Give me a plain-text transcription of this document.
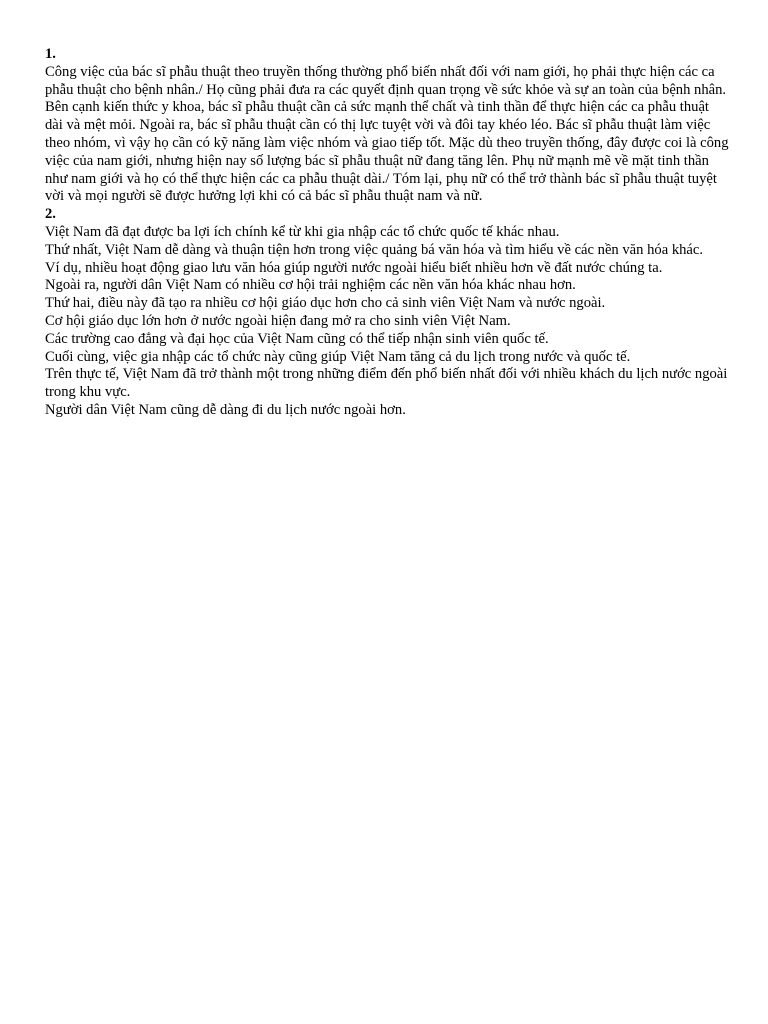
1.

Công việc của bác sĩ phẫu thuật theo truyền thống thường phổ biến nhất đối với nam giới, họ phải thực hiện các ca phẫu thuật cho bệnh nhân./ Họ cũng phải đưa ra các quyết định quan trọng về sức khỏe và sự an toàn của bệnh nhân. Bên cạnh kiến thức y khoa, bác sĩ phẫu thuật cần cả sức mạnh thể chất và tinh thần để thực hiện các ca phẫu thuật dài và mệt mỏi. Ngoài ra, bác sĩ phẫu thuật cần có thị lực tuyệt vời và đôi tay khéo léo. Bác sĩ phẫu thuật làm việc theo nhóm, vì vậy họ cần có kỹ năng làm việc nhóm và giao tiếp tốt. Mặc dù theo truyền thống, đây được coi là công việc của nam giới, nhưng hiện nay số lượng bác sĩ phẫu thuật nữ đang tăng lên. Phụ nữ mạnh mẽ về mặt tinh thần như nam giới và họ có thể thực hiện các ca phẫu thuật dài./ Tóm lại, phụ nữ có thể trở thành bác sĩ phẫu thuật tuyệt vời và mọi người sẽ được hưởng lợi khi có cả bác sĩ phẫu thuật nam và nữ.

2.

Việt Nam đã đạt được ba lợi ích chính kể từ khi gia nhập các tổ chức quốc tế khác nhau.

Thứ nhất, Việt Nam dễ dàng và thuận tiện hơn trong việc quảng bá văn hóa và tìm hiểu về các nền văn hóa khác.

Ví dụ, nhiều hoạt động giao lưu văn hóa giúp người nước ngoài hiểu biết nhiều hơn về đất nước chúng ta.

Ngoài ra, người dân Việt Nam có nhiều cơ hội trải nghiệm các nền văn hóa khác nhau hơn.

Thứ hai, điều này đã tạo ra nhiều cơ hội giáo dục hơn cho cả sinh viên Việt Nam và nước ngoài.

Cơ hội giáo dục lớn hơn ở nước ngoài hiện đang mở ra cho sinh viên Việt Nam.

Các trường cao đẳng và đại học của Việt Nam cũng có thể tiếp nhận sinh viên quốc tế.

Cuối cùng, việc gia nhập các tổ chức này cũng giúp Việt Nam tăng cả du lịch trong nước và quốc tế.

Trên thực tế, Việt Nam đã trở thành một trong những điểm đến phổ biến nhất đối với nhiều khách du lịch nước ngoài trong khu vực.

Người dân Việt Nam cũng dễ dàng đi du lịch nước ngoài hơn.
